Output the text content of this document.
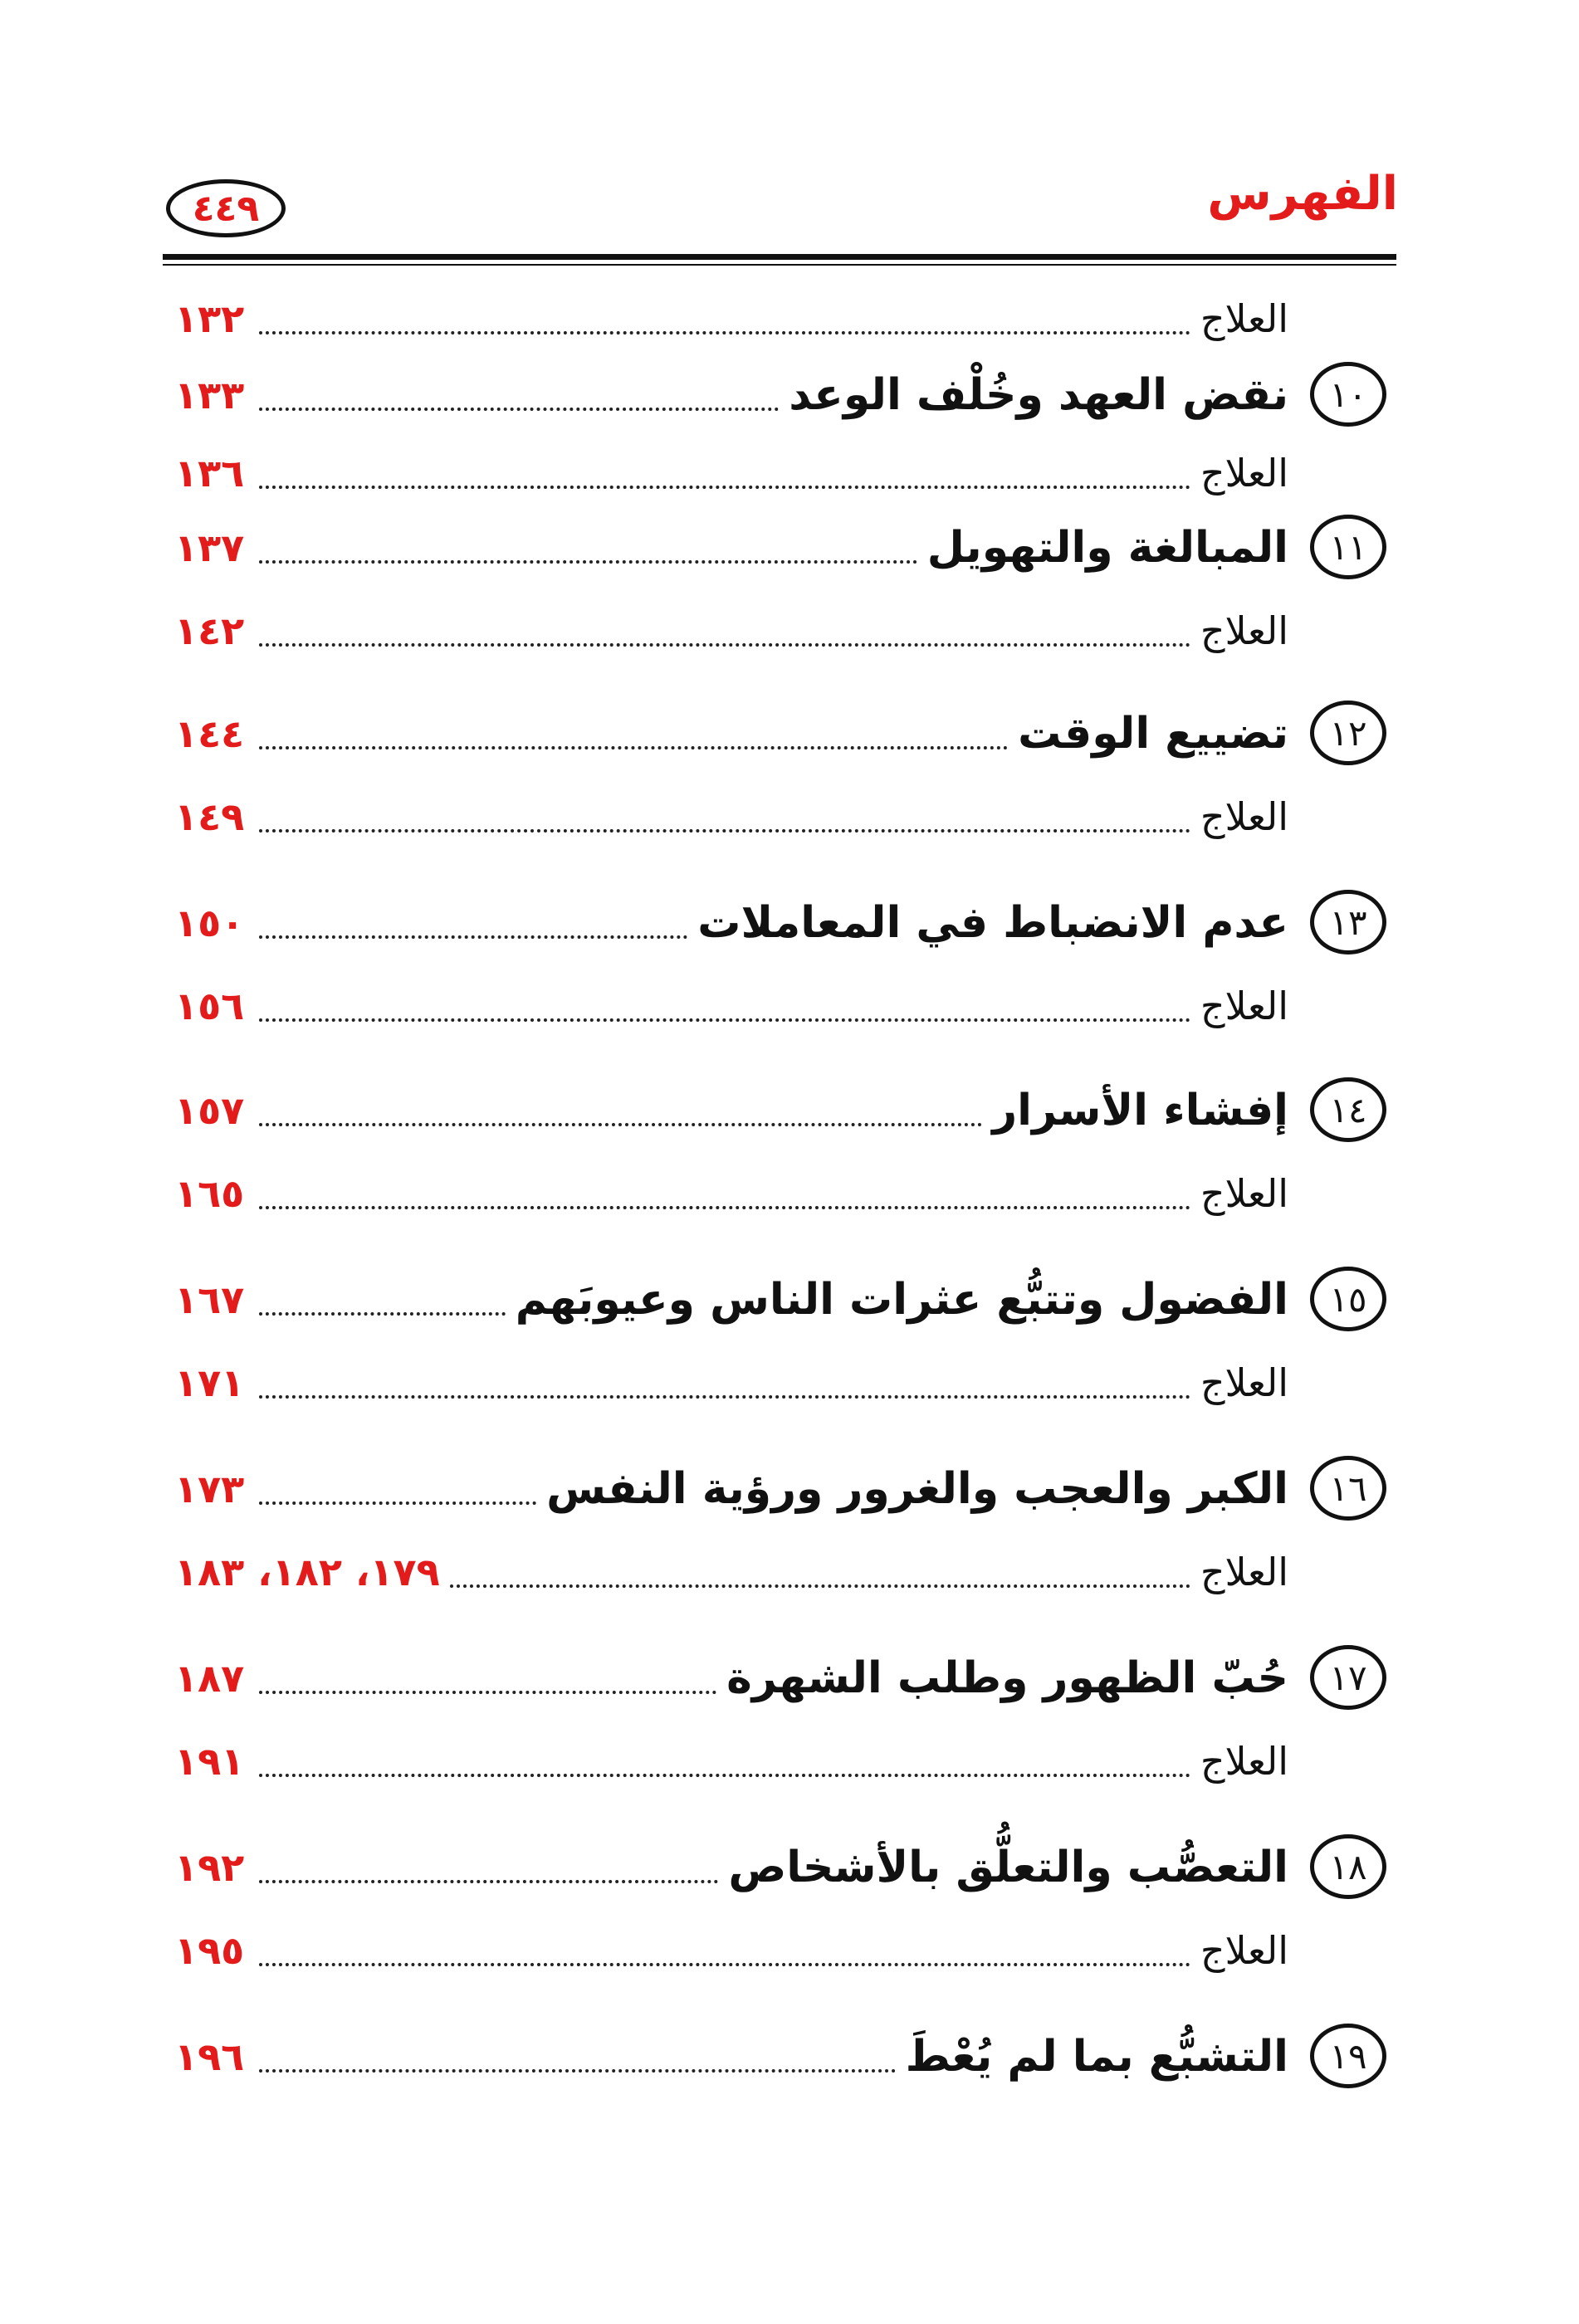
الفهرس
٤٤٩
العلاج
١٣٢
١٠
نقض العهد وخُلْف الوعد
١٣٣
العلاج
١٣٦
١١
المبالغة والتهويل
١٣٧
العلاج
١٤٢
١٢
تضييع الوقت
١٤٤
العلاج
١٤٩
١٣
عدم الانضباط في المعاملات
١٥٠
العلاج
١٥٦
١٤
إفشاء الأسرار
١٥٧
العلاج
١٦٥
١٥
الفضول وتتبُّع عثرات الناس وعيوبَهم
١٦٧
العلاج
١٧١
١٦
الكبر والعجب والغرور ورؤية النفس
١٧٣
العلاج
١٧٩، ١٨٢، ١٨٣
١٧
حُبّ الظهور وطلب الشهرة
١٨٧
العلاج
١٩١
١٨
التعصُّب والتعلُّق بالأشخاص
١٩٢
العلاج
١٩٥
١٩
التشبُّع بما لم يُعْطَ
١٩٦
